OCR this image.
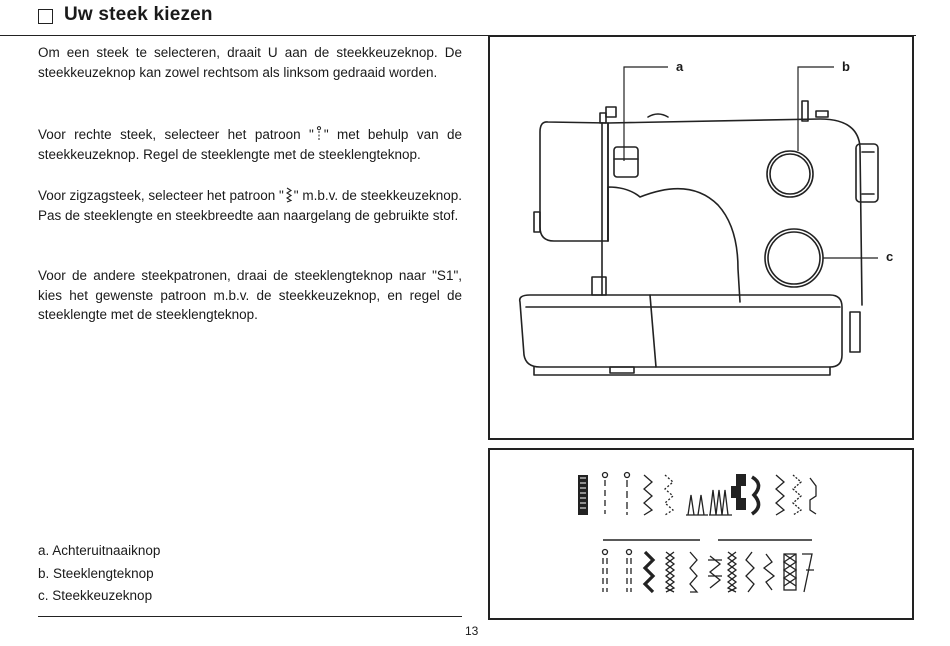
Uw steek kiezen
Om een steek te selecteren, draait U aan de steekkeuzeknop. De steekkeuzeknop kan zowel rechtsom als linksom gedraaid worden.
Voor rechte steek, selecteer het patroon " " met behulp van de steekkeuzeknop. Regel de steeklengte met de steeklengteknop.
Voor zigzagsteek, selecteer het patroon " " m.b.v. de steekkeuzeknop. Pas de steeklengte en steekbreedte aan naargelang de gebruikte stof.
Voor de andere steekpatronen, draai de steeklengteknop naar "S1", kies het gewenste patroon m.b.v. de steekkeuzeknop, en regel de steeklengte met de steeklengteknop.
a. Achteruitnaaiknop
b. Steeklengteknop
c. Steekkeuzeknop
13
a	b
c
